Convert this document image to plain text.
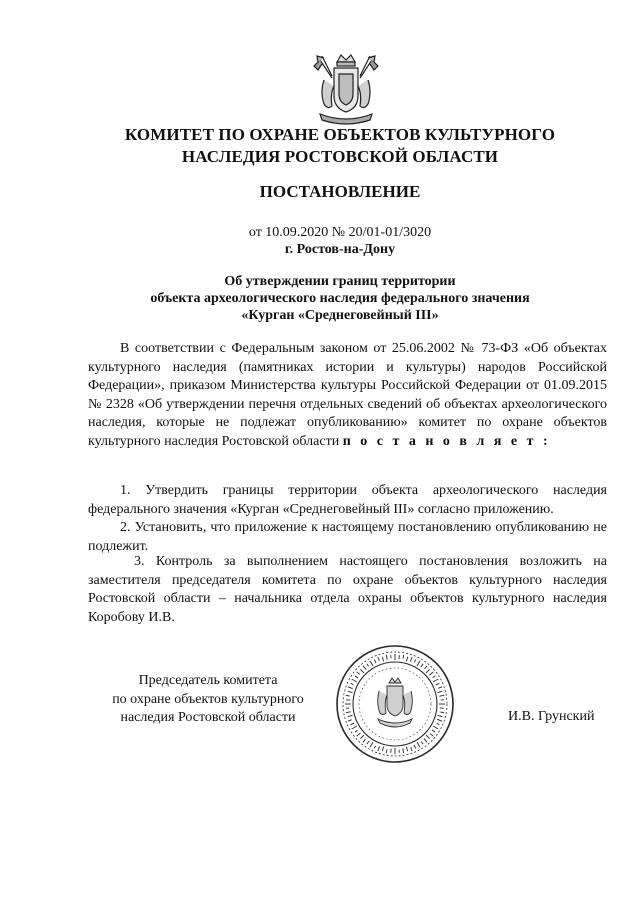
КОМИТЕТ ПО ОХРАНЕ ОБЪЕКТОВ КУЛЬТУРНОГО
НАСЛЕДИЯ РОСТОВСКОЙ ОБЛАСТИ
ПОСТАНОВЛЕНИЕ
от 10.09.2020 № 20/01-01/3020
г. Ростов-на-Дону
Об утверждении границ территории
объекта археологического наследия федерального значения
«Курган «Среднеговейный III»
В соответствии с Федеральным законом от 25.06.2002 № 73-ФЗ «Об объектах культурного наследия (памятниках истории и культуры) народов Российской Федерации», приказом Министерства культуры Российской Федерации от 01.09.2015 № 2328 «Об утверждении перечня отдельных сведений об объектах археологического наследия, которые не подлежат опубликованию» комитет по охране объектов культурного наследия Ростовской области п о с т а н о в л я е т :
1. Утвердить границы территории объекта археологического наследия федерального значения «Курган «Среднеговейный III» согласно приложению.
2. Установить, что приложение к настоящему постановлению опубликованию не подлежит.
3. Контроль за выполнением настоящего постановления возложить на заместителя председателя комитета по охране объектов культурного наследия Ростовской области – начальника отдела охраны объектов культурного наследия Коробову И.В.
Председатель комитета
по охране объектов культурного
наследия Ростовской области	И.В. Грунский
